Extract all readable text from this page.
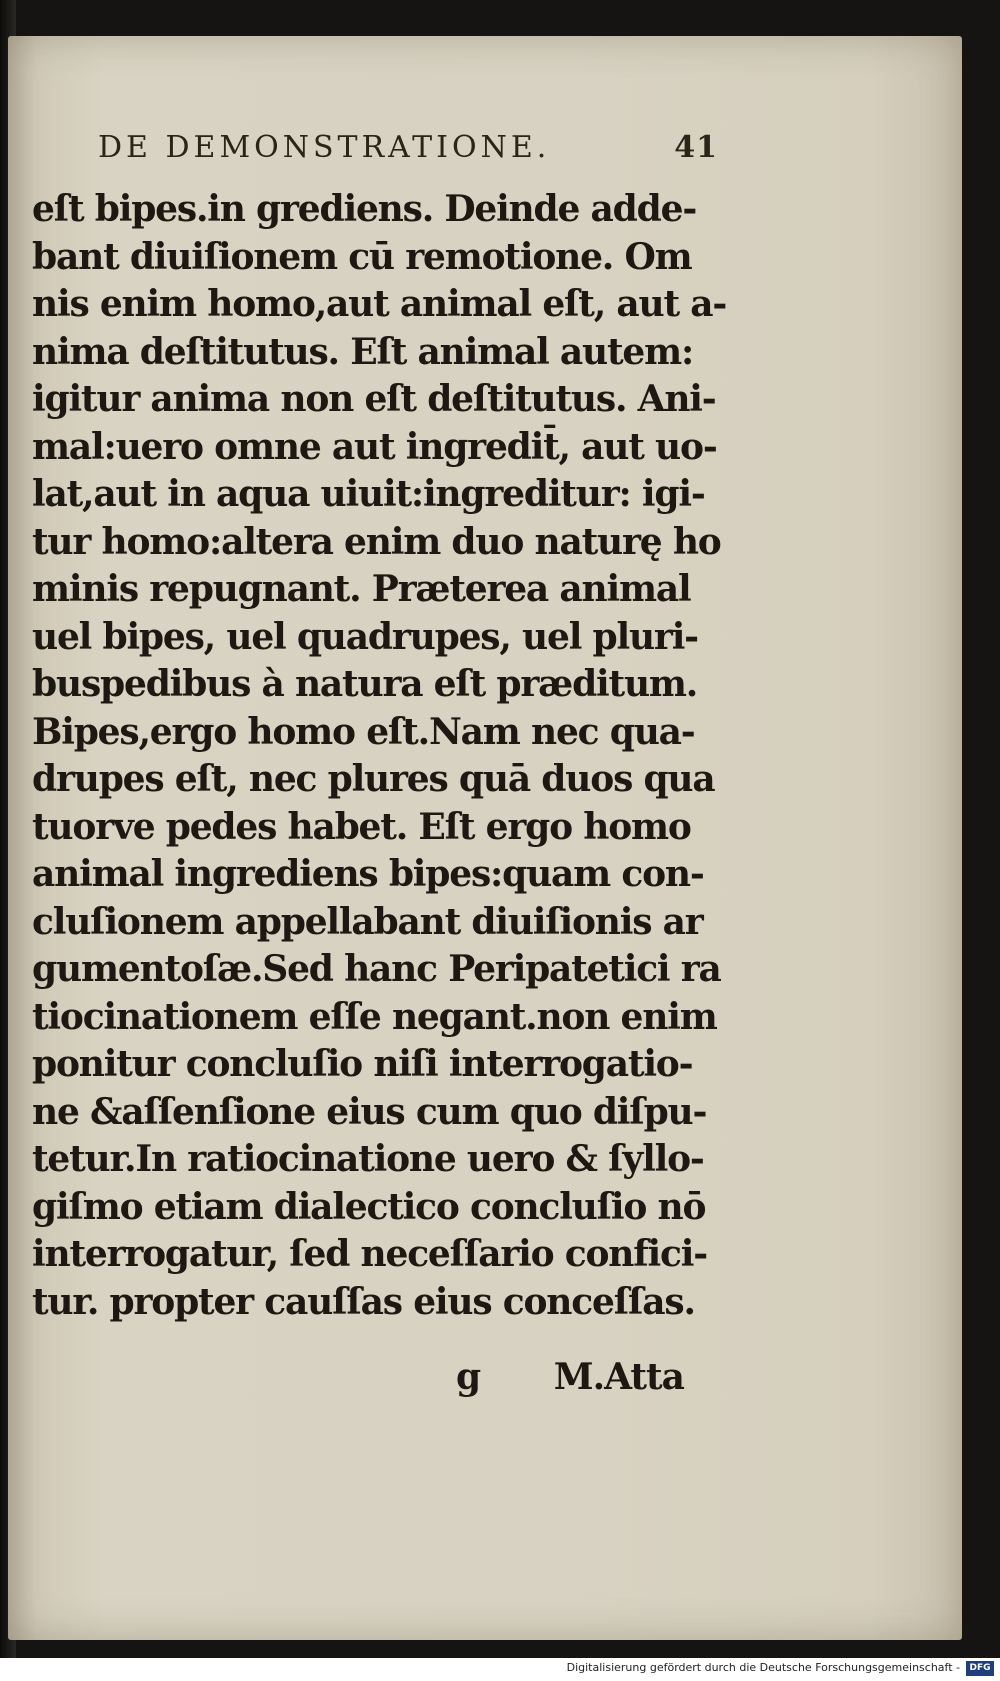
DE DEMONSTRATIONE.	41
eſt bipes.in grediens. Deinde adde-
bant diuiſionem cū remotione. Om
nis enim homo,aut animal eſt, aut a-
nima deſtitutus. Eſt animal autem:
igitur anima non eſt deſtitutus. Ani-
mal:uero omne aut ingredit̄, aut uo-
lat,aut in aqua uiuit:ingreditur: igi-
tur homo:altera enim duo naturę ho
minis repugnant. Præterea animal
uel bipes, uel quadrupes, uel pluri-
buspedibus à natura eſt præditum.
Bipes,ergo homo eſt.Nam nec qua-
drupes eſt, nec plures quā duos qua
tuorve pedes habet. Eſt ergo homo
animal ingrediens bipes:quam con-
cluſionem appellabant diuiſionis ar
gumentoſæ.Sed hanc Peripatetici ra
tiocinationem eſſe negant.non enim
ponitur concluſio niſi interrogatio-
ne &aſſenſione eius cum quo diſpu-
tetur.In ratiocinatione uero & ſyllo-
giſmo etiam dialectico concluſio nō
interrogatur, ſed neceſſario confici-
tur. propter cauſſas eius conceſſas.
g M.Atta
Digitalisierung gefördert durch die Deutsche Forschungsgemeinschaft -	DFG
